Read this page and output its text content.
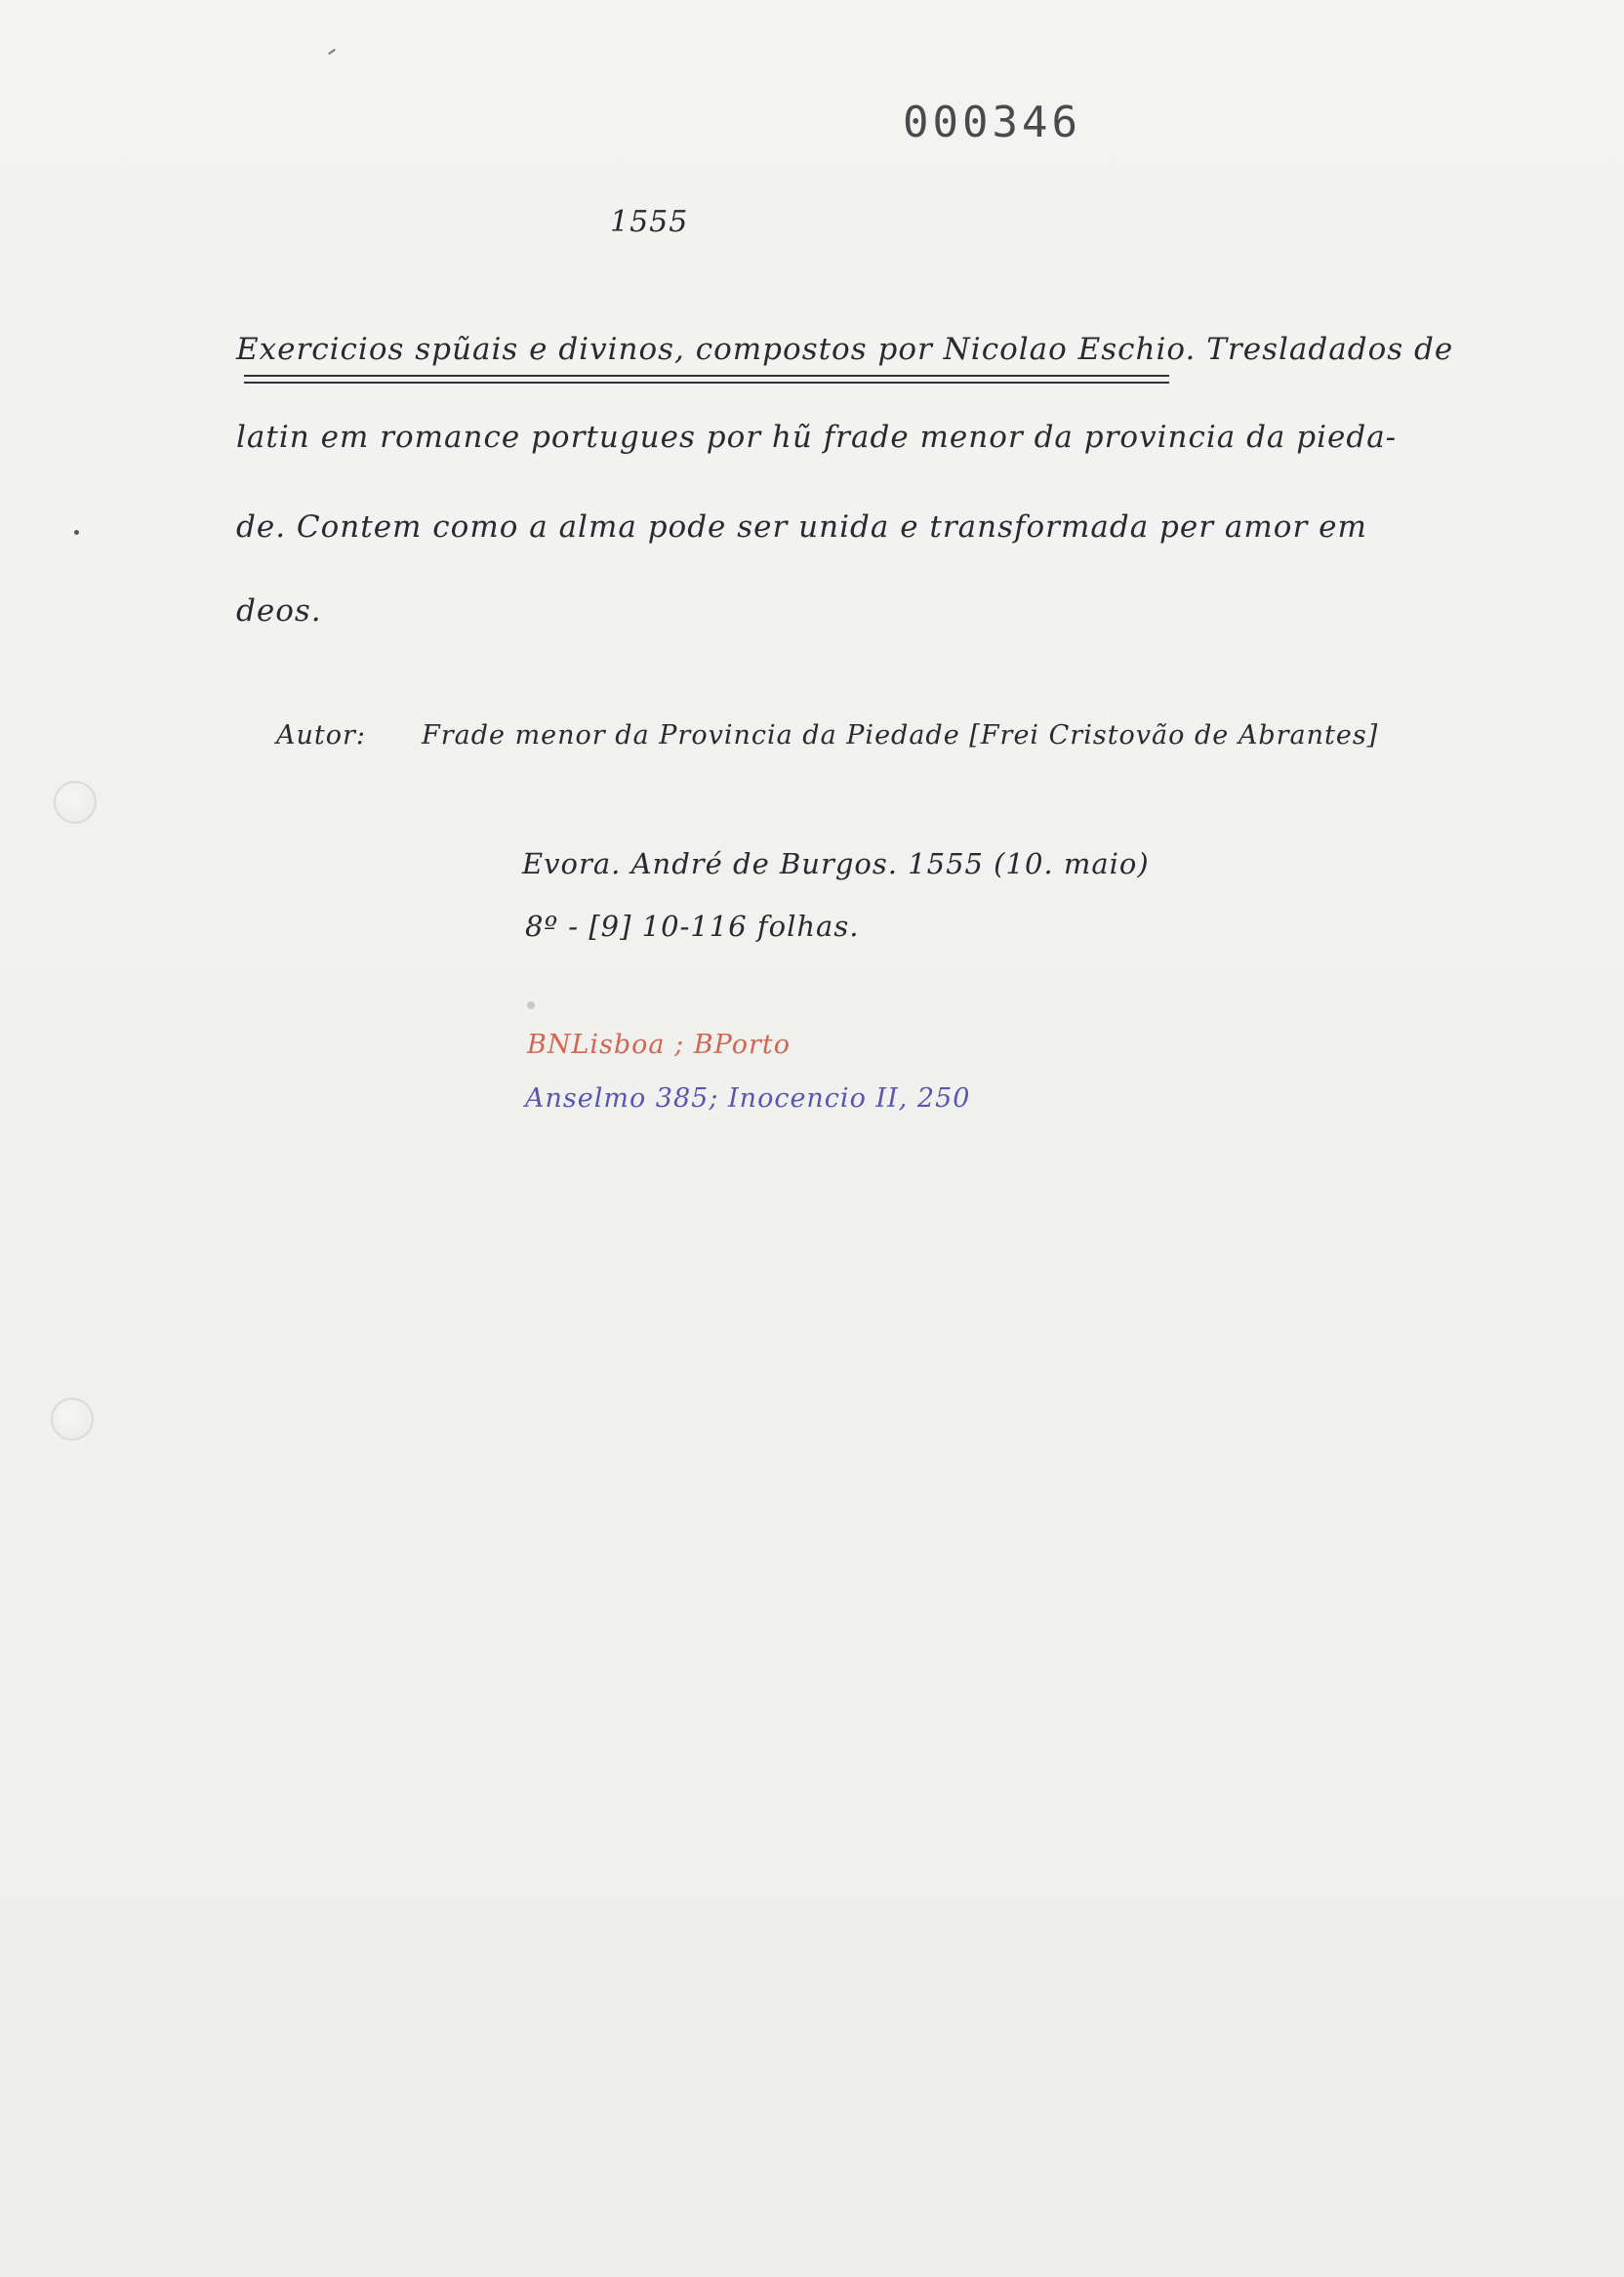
000346
1555
Exercicios spũais e divinos, compostos por Nicolao Eschio. Tresladados de
latin em romance portugues por hũ frade menor da provincia da pieda-
de. Contem como a alma pode ser unida e transformada per amor em
deos.
Autor: Frade menor da Provincia da Piedade [Frei Cristovão de Abrantes]
Evora. André de Burgos. 1555 (10. maio)
8º - [9] 10-116 folhas.
BNLisboa ; BPorto
Anselmo 385; Inocencio II, 250
